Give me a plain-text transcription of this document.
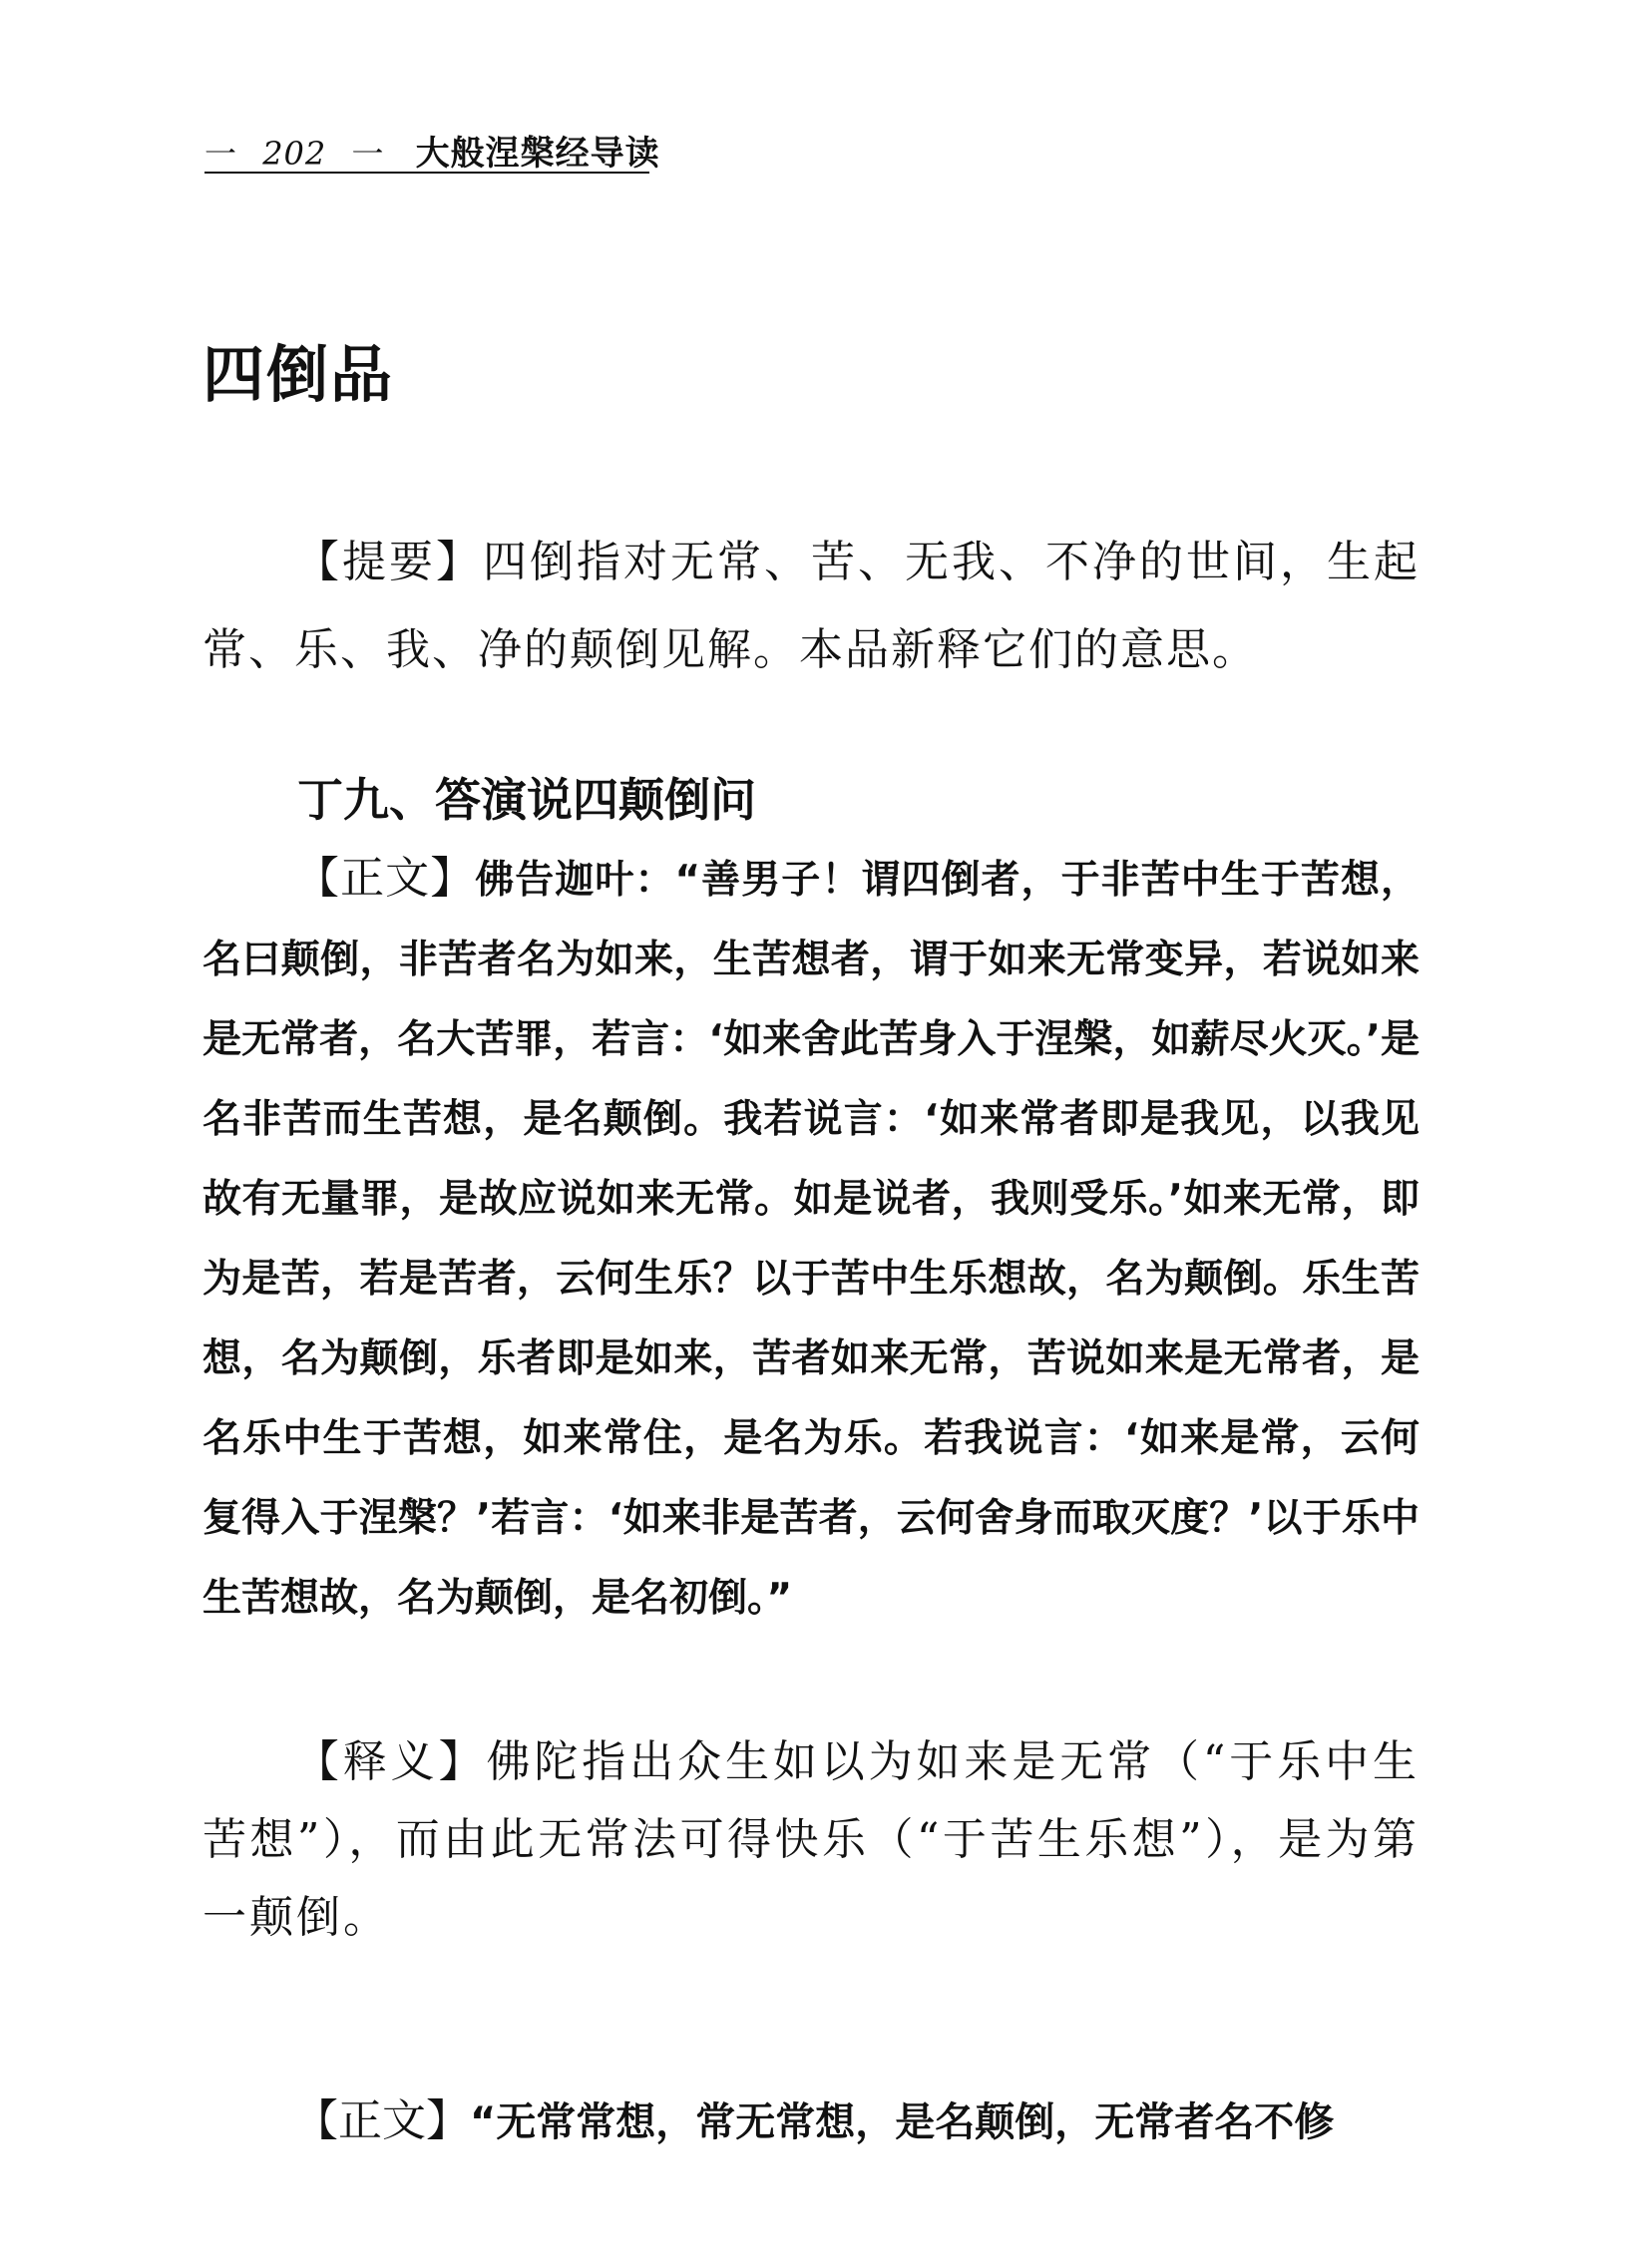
一 202 一 大般涅槃经导读
四倒品

【提要】四倒指对无常、苦、无我、不净的世间，生起常、乐、我、净的颠倒见解。本品新释它们的意思。

丁九、答演说四颠倒问

【正文】佛告迦叶：“善男子！谓四倒者，于非苦中生于苦想，名曰颠倒，非苦者名为如来，生苦想者，谓于如来无常变异，若说如来是无常者，名大苦罪，若言：‘如来舍此苦身入于涅槃，如薪尽火灭。’是名非苦而生苦想，是名颠倒。我若说言：‘如来常者即是我见，以我见故有无量罪，是故应说如来无常。如是说者，我则受乐。’如来无常，即为是苦，若是苦者，云何生乐？以于苦中生乐想故，名为颠倒。乐生苦想，名为颠倒，乐者即是如来，苦者如来无常，苦说如来是无常者，是名乐中生于苦想，如来常住，是名为乐。若我说言：‘如来是常，云何复得入于涅槃？’若言：‘如来非是苦者，云何舍身而取灭度？’以于乐中生苦想故，名为颠倒，是名初倒。”

【释义】佛陀指出众生如以为如来是无常（“于乐中生苦想”），而由此无常法可得快乐（“于苦生乐想”），是为第一颠倒。

【正文】“无常常想，常无常想，是名颠倒，无常者名不修
